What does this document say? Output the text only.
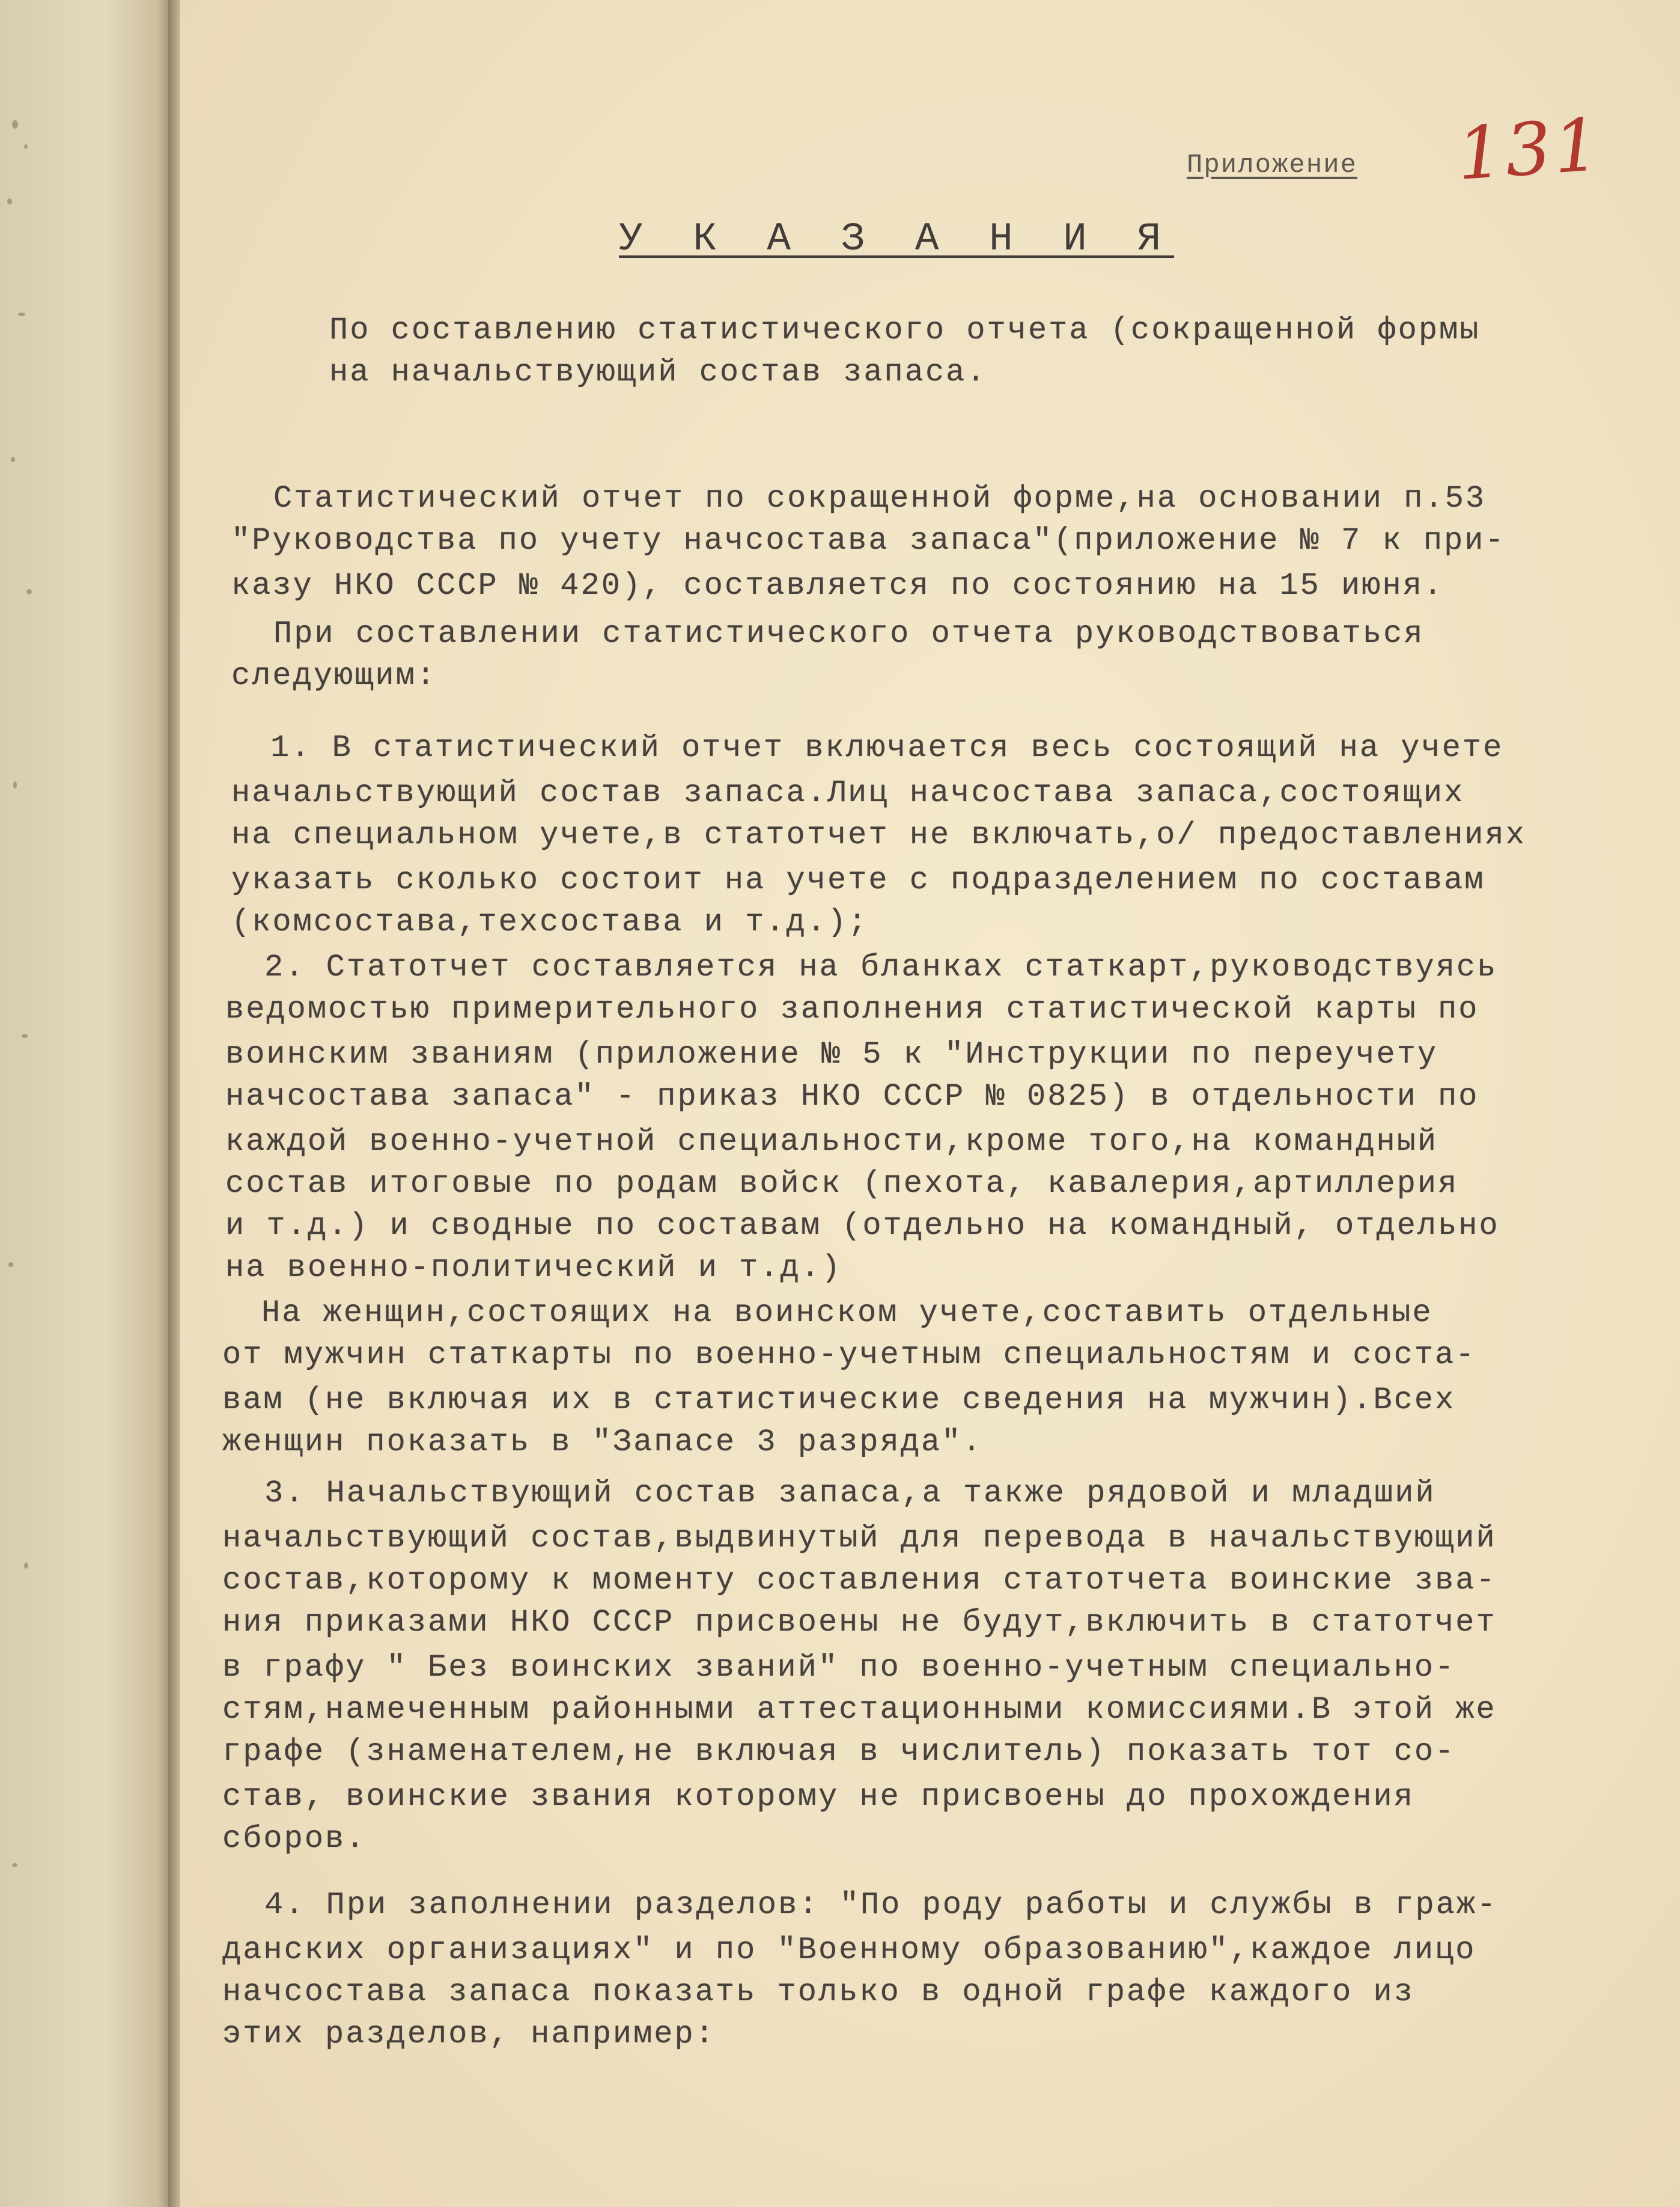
131
Приложение
У К А З А Н И Я
По составлению статистического отчета (сокращенной формы
на начальствующий состав запаса.
Статистический отчет по сокращенной форме,на основании п.53
"Руководства по учету начсостава запаса"(приложение № 7 к при-
казу НКО СССР № 420), составляется по состоянию на 15 июня.
При составлении статистического отчета руководствоваться
следующим:
1. В статистический отчет включается весь состоящий на учете
начальствующий состав запаса.Лиц начсостава запаса,состоящих
на специальном учете,в статотчет не включать,о/ предоставлениях
указать сколько состоит на учете с подразделением по составам
(комсостава,техсостава и т.д.);
2. Статотчет составляется на бланках статкарт,руководствуясь
ведомостью примерительного заполнения статистической карты по
воинским званиям (приложение № 5 к "Инструкции по переучету
начсостава запаса" - приказ НКО СССР № 0825) в отдельности по
каждой военно-учетной специальности,кроме того,на командный
состав итоговые по родам войск (пехота, кавалерия,артиллерия
и т.д.) и сводные по составам (отдельно на командный, отдельно
на военно-политический и т.д.)
На женщин,состоящих на воинском учете,составить отдельные
от мужчин статкарты по военно-учетным специальностям и соста-
вам (не включая их в статистические сведения на мужчин).Всех
женщин показать в "Запасе 3 разряда".
3. Начальствующий состав запаса,а также рядовой и младший
начальствующий состав,выдвинутый для перевода в начальствующий
состав,которому к моменту составления статотчета воинские зва-
ния приказами НКО СССР присвоены не будут,включить в статотчет
в графу " Без воинских званий" по военно-учетным специально-
стям,намеченным районными аттестационными комиссиями.В этой же
графе (знаменателем,не включая в числитель) показать тот со-
став, воинские звания которому не присвоены до прохождения
сборов.
4. При заполнении разделов: "По роду работы и службы в граж-
данских организациях" и по "Военному образованию",каждое лицо
начсостава запаса показать только в одной графе каждого из
этих разделов, например:
